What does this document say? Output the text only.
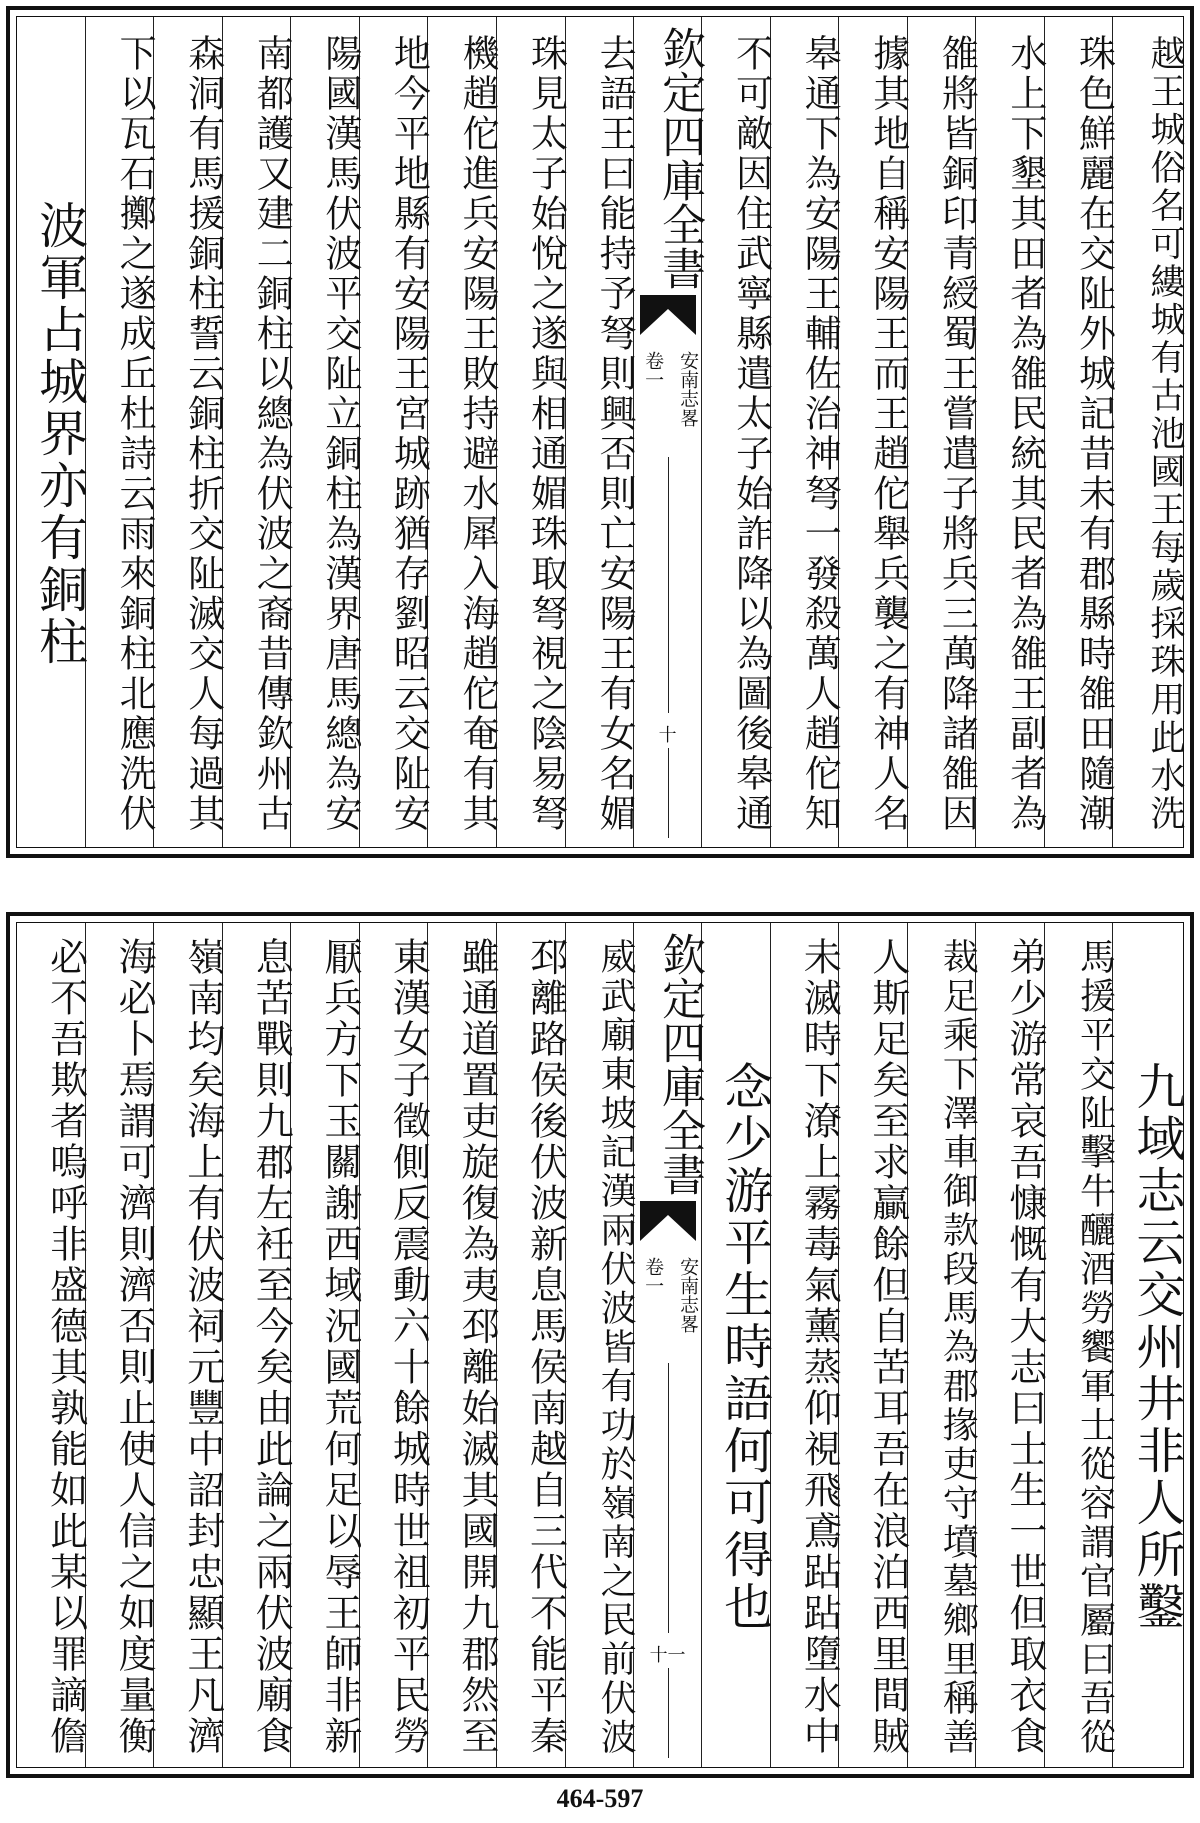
波軍占城界亦有銅柱 下以瓦石擲之遂成丘杜詩云雨來銅柱北應洗伏 森洞有馬援銅柱誓云銅柱折交阯滅交人每過其 南都護又建二銅柱以總為伏波之裔昔傳欽州古 陽國漢馬伏波平交阯立銅柱為漢界唐馬總為安 地今平地縣有安陽王宮城跡猶存劉昭云交阯安 機趙佗進兵安陽王敗持避水犀入海趙佗奄有其 珠見太子始悅之遂與相通媚珠取弩視之陰易弩 去語王曰能持予弩則興否則亡安陽王有女名媚 欽定四庫全書
安南志畧
卷一
十	不可敵因住武寧縣遣太子始詐降以為圖後皋通 皋通下為安陽王輔佐治神弩一發殺萬人趙佗知 據其地自稱安陽王而王趙佗舉兵襲之有神人名 雒將皆銅印青綬蜀王嘗遣子將兵三萬降諸雒因 水上下墾其田者為雒民統其民者為雒王副者為 珠色鮮麗在交阯外城記昔未有郡縣時雒田隨潮 越王城俗名可縷城有古池國王每歲採珠用此水洗
必不吾欺者嗚呼非盛德其孰能如此某以罪謫儋 海必卜焉謂可濟則濟否則止使人信之如度量衡 嶺南均矣海上有伏波祠元豐中詔封忠顯王凡濟 息苦戰則九郡左衽至今矣由此論之兩伏波廟食 厭兵方下玉關謝西域況國荒何足以辱王師非新 東漢女子徵側反震動六十餘城時世祖初平民勞 雖通道置吏旋復為夷邳離始滅其國開九郡然至 邳離路侯後伏波新息馬侯南越自三代不能平秦 威武廟東坡記漢兩伏波皆有功於嶺南之民前伏波 欽定四庫全書
安南志畧
卷一
十一
念少游平生時語何可得也 未滅時下潦上霧毒氣薰蒸仰視飛鳶跕跕墮水中 人斯足矣至求贏餘但自苦耳吾在浪泊西里間賊 裁足乘下澤車御款段馬為郡掾吏守墳墓鄉里稱善 弟少游常哀吾慷慨有大志曰士生一世但取衣食 馬援平交阯擊牛釃酒勞饗軍士從容謂官屬曰吾從 九域志云交州井非人所鑿
464-597
